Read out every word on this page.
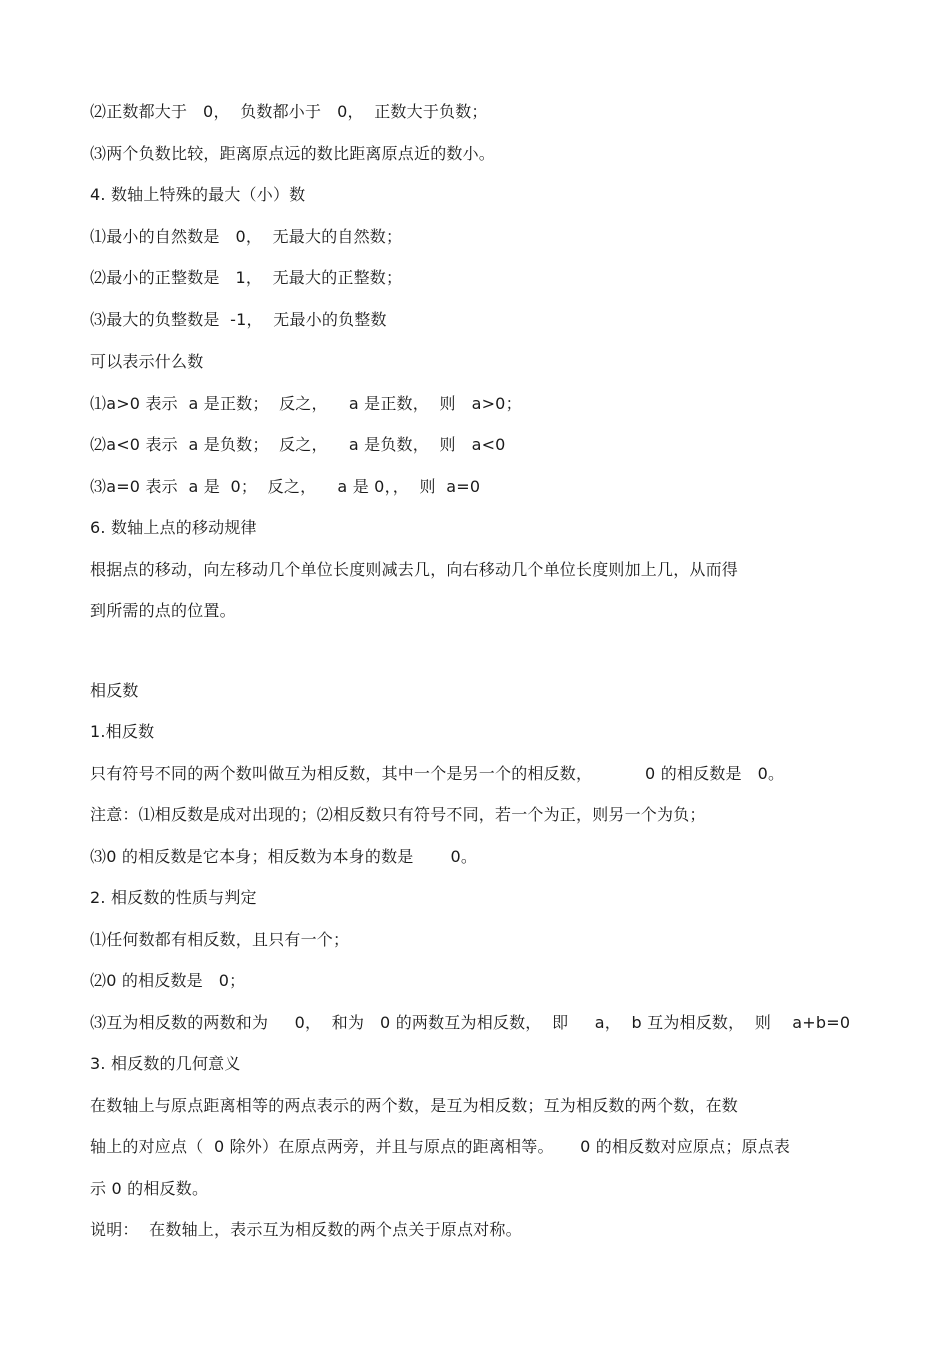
⑵正数都大于   0，  负数都小于   0，  正数大于负数；
⑶两个负数比较，距离原点远的数比距离原点近的数小。
4. 数轴上特殊的最大（小）数
⑴最小的自然数是   0，  无最大的自然数；
⑵最小的正整数是   1，  无最大的正整数；
⑶最大的负整数是  -1，  无最小的负整数
可以表示什么数
⑴a>0 表示  a 是正数；  反之，    a 是正数，  则   a>0；
⑵a<0 表示  a 是负数；  反之，    a 是负数，  则   a<0
⑶a=0 表示  a 是  0；  反之，    a 是 0，，  则  a=0
6. 数轴上点的移动规律
根据点的移动，向左移动几个单位长度则减去几，向右移动几个单位长度则加上几，从而得
到所需的点的位置。
相反数
1.相反数
只有符号不同的两个数叫做互为相反数，其中一个是另一个的相反数，          0 的相反数是   0。
注意：⑴相反数是成对出现的；⑵相反数只有符号不同，若一个为正，则另一个为负；
⑶0 的相反数是它本身；相反数为本身的数是       0。
2. 相反数的性质与判定
⑴任何数都有相反数，且只有一个；
⑵0 的相反数是   0；
⑶互为相反数的两数和为     0，  和为   0 的两数互为相反数，  即     a，  b 互为相反数，  则    a+b=0
3. 相反数的几何意义
在数轴上与原点距离相等的两点表示的两个数，是互为相反数；互为相反数的两个数，在数
轴上的对应点（  0 除外）在原点两旁，并且与原点的距离相等。     0 的相反数对应原点；原点表
示 0 的相反数。
说明：  在数轴上，表示互为相反数的两个点关于原点对称。
